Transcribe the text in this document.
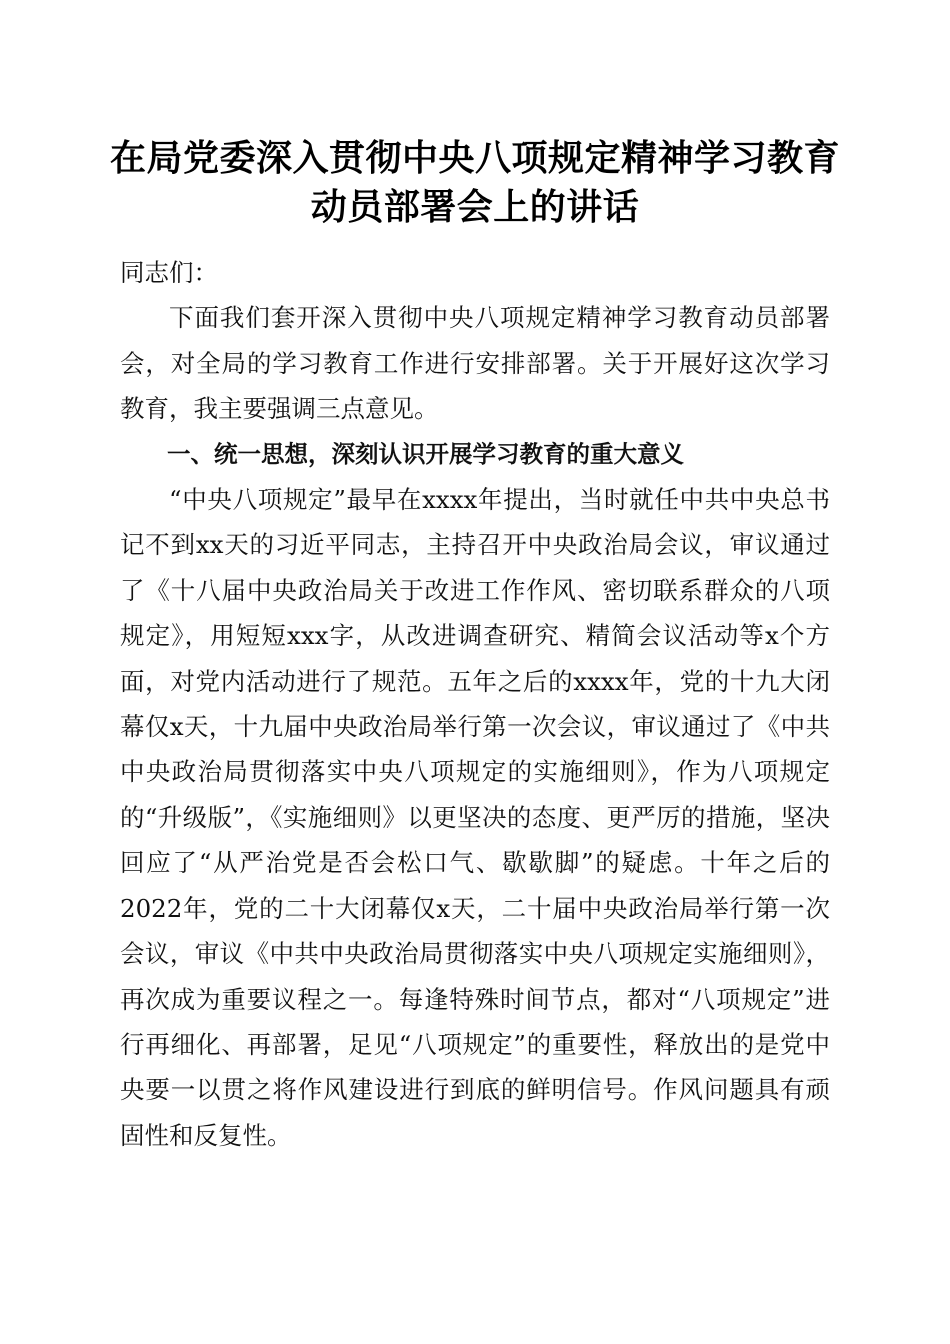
在局党委深入贯彻中央八项规定精神学习教育
动员部署会上的讲话

同志们：

下面我们套开深入贯彻中央八项规定精神学习教育动员部署会，对全局的学习教育工作进行安排部署。关于开展好这次学习教育，我主要强调三点意见。

一、统一思想，深刻认识开展学习教育的重大意义

“中央八项规定”最早在xxxx年提出，当时就任中共中央总书记不到xx天的习近平同志，主持召开中央政治局会议，审议通过了《十八届中央政治局关于改进工作作风、密切联系群众的八项规定》，用短短xxx字，从改进调查研究、精简会议活动等x个方面，对党内活动进行了规范。五年之后的xxxx年，党的十九大闭幕仅x天，十九届中央政治局举行第一次会议，审议通过了《中共中央政治局贯彻落实中央八项规定的实施细则》，作为八项规定的“升级版”，《实施细则》以更坚决的态度、更严厉的措施，坚决回应了“从严治党是否会松口气、歇歇脚”的疑虑。十年之后的2022年，党的二十大闭幕仅x天，二十届中央政治局举行第一次会议，审议《中共中央政治局贯彻落实中央八项规定实施细则》，再次成为重要议程之一。每逢特殊时间节点，都对“八项规定”进行再细化、再部署，足见“八项规定”的重要性，释放出的是党中央要一以贯之将作风建设进行到底的鲜明信号。作风问题具有顽固性和反复性。
